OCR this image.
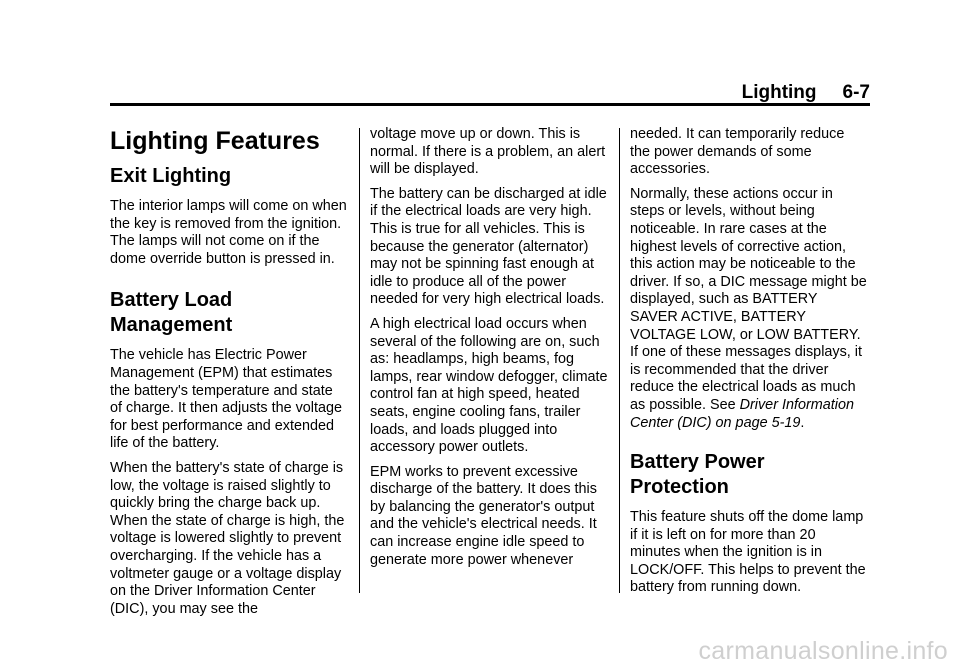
Lighting 6-7
Lighting Features
Exit Lighting

The interior lamps will come on when the key is removed from the ignition. The lamps will not come on if the dome override button is pressed in.

Battery Load
Management

The vehicle has Electric Power Management (EPM) that estimates the battery's temperature and state of charge. It then adjusts the voltage for best performance and extended life of the battery.

When the battery's state of charge is low, the voltage is raised slightly to quickly bring the charge back up. When the state of charge is high, the voltage is lowered slightly to prevent overcharging. If the vehicle has a voltmeter gauge or a voltage display on the Driver Information Center (DIC), you may see the

voltage move up or down. This is normal. If there is a problem, an alert will be displayed.

The battery can be discharged at idle if the electrical loads are very high. This is true for all vehicles. This is because the generator (alternator) may not be spinning fast enough at idle to produce all of the power needed for very high electrical loads.

A high electrical load occurs when several of the following are on, such as: headlamps, high beams, fog lamps, rear window defogger, climate control fan at high speed, heated seats, engine cooling fans, trailer loads, and loads plugged into accessory power outlets.

EPM works to prevent excessive discharge of the battery. It does this by balancing the generator's output and the vehicle's electrical needs. It can increase engine idle speed to generate more power whenever

needed. It can temporarily reduce the power demands of some accessories.

Normally, these actions occur in steps or levels, without being noticeable. In rare cases at the highest levels of corrective action, this action may be noticeable to the driver. If so, a DIC message might be displayed, such as BATTERY SAVER ACTIVE, BATTERY VOLTAGE LOW, or LOW BATTERY. If one of these messages displays, it is recommended that the driver reduce the electrical loads as much as possible. See Driver Information Center (DIC) on page 5-19.

Battery Power Protection

This feature shuts off the dome lamp if it is left on for more than 20 minutes when the ignition is in LOCK/OFF. This helps to prevent the battery from running down.

carmanualsonline.info
